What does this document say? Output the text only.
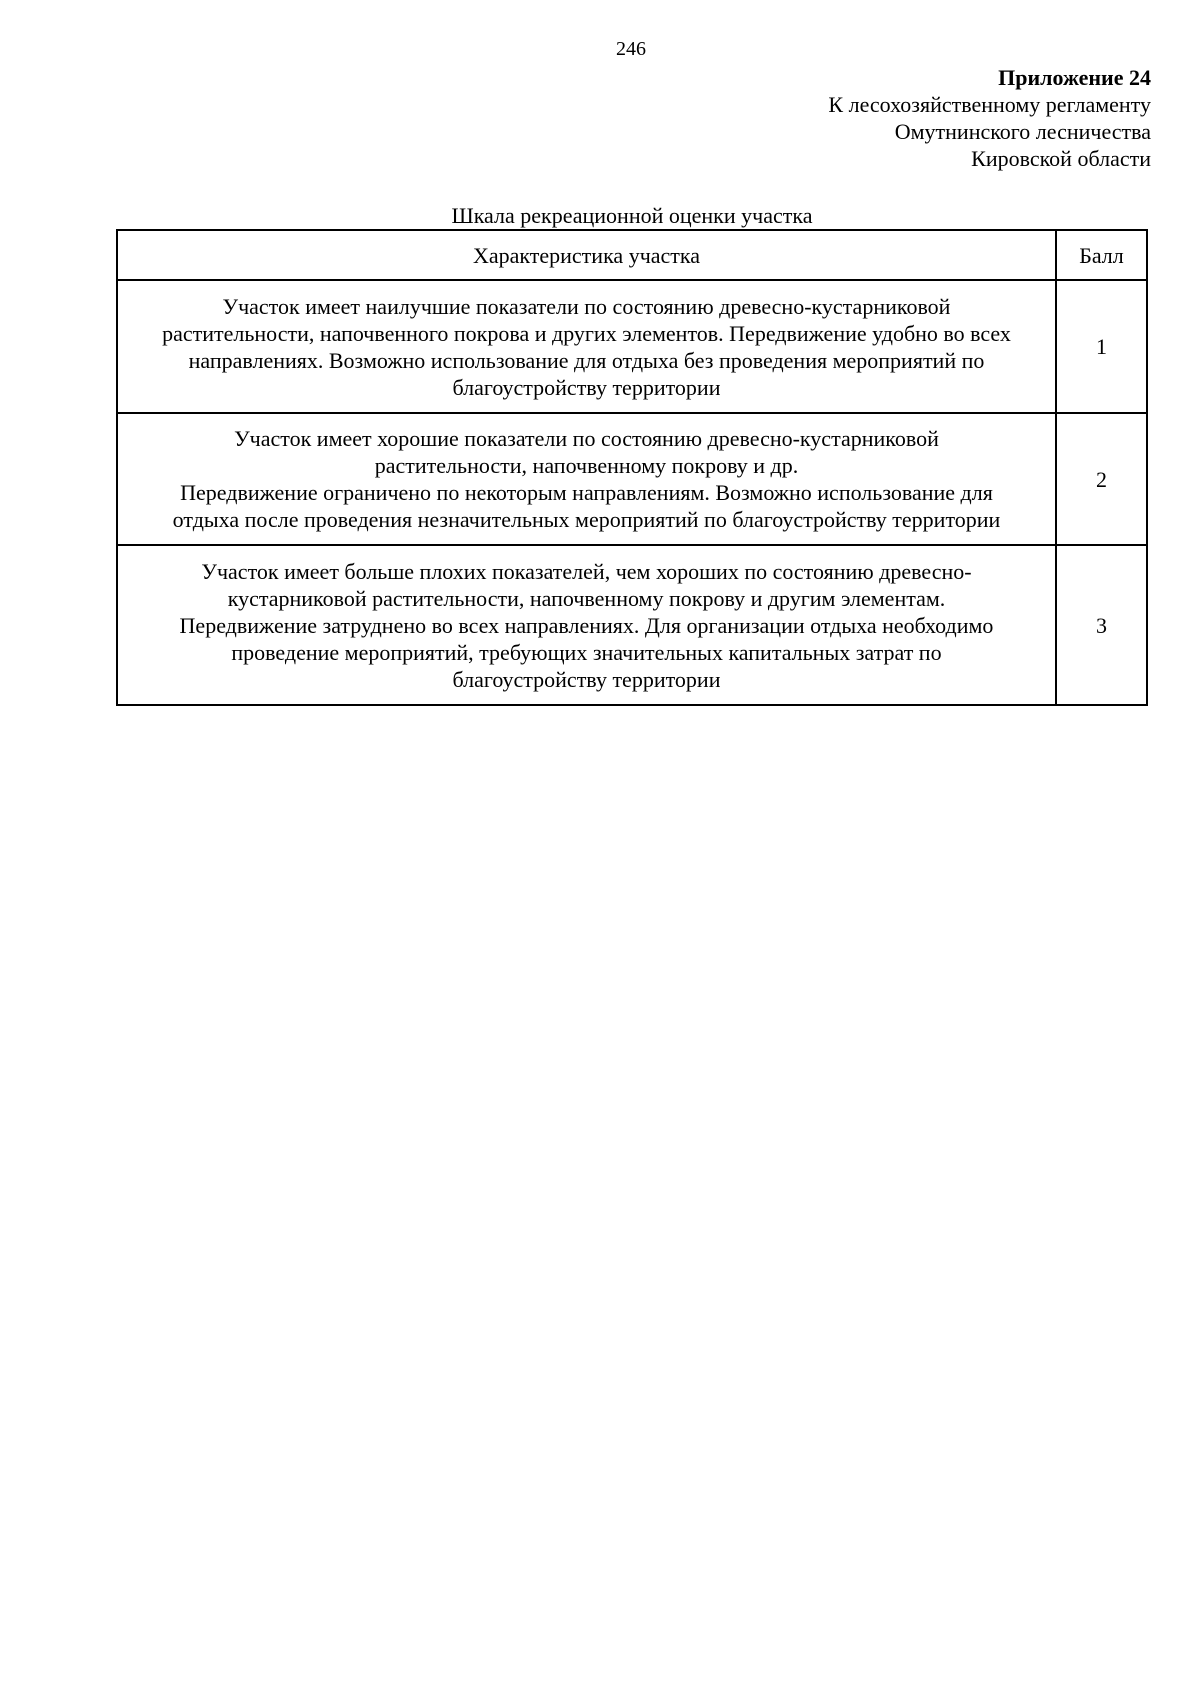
246
Приложение 24
К лесохозяйственному регламенту
Омутнинского лесничества
Кировской области
Шкала рекреационной оценки участка
Характеристика участка	Балл

Участок имеет наилучшие показатели по состоянию древесно-кустарниковой
растительности, напочвенного покрова и других элементов. Передвижение удобно во всех
направлениях. Возможно использование для отдыха без проведения мероприятий по
благоустройству территории	1

Участок имеет хорошие показатели по состоянию древесно-кустарниковой
растительности, напочвенному покрову и др.
Передвижение ограничено по некоторым направлениям. Возможно использование для
отдыха после проведения незначительных мероприятий по благоустройству территории	2

Участок имеет больше плохих показателей, чем хороших по состоянию древесно-
кустарниковой растительности, напочвенному покрову и другим элементам.
Передвижение затруднено во всех направлениях. Для организации отдыха необходимо
проведение мероприятий, требующих значительных капитальных затрат по
благоустройству территории	3
